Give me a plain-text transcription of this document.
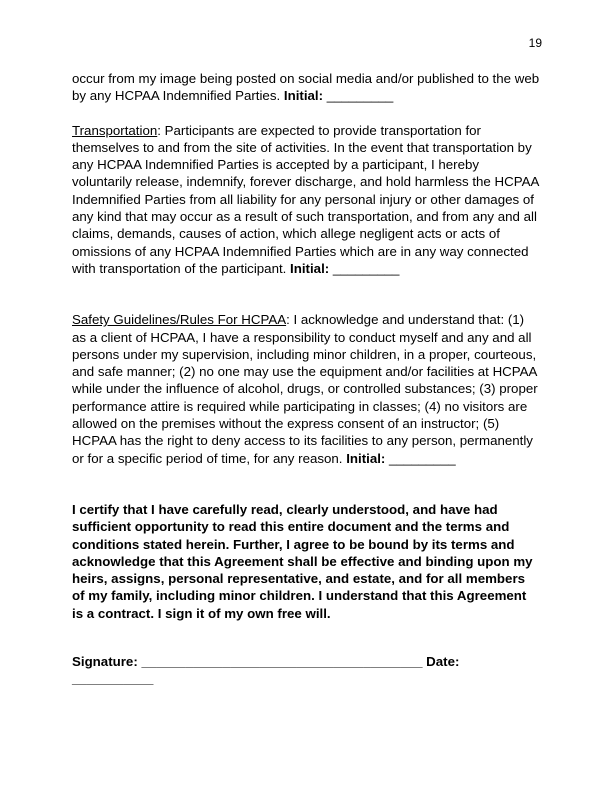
19

occur from my image being posted on social media and/or published to the web by any HCPAA Indemnified Parties. Initial: _________

Transportation: Participants are expected to provide transportation for themselves to and from the site of activities. In the event that transportation by any HCPAA Indemnified Parties is accepted by a participant, I hereby voluntarily release, indemnify, forever discharge, and hold harmless the HCPAA Indemnified Parties from all liability for any personal injury or other damages of any kind that may occur as a result of such transportation, and from any and all claims, demands, causes of action, which allege negligent acts or acts of omissions of any HCPAA Indemnified Parties which are in any way connected with transportation of the participant. Initial: _________

Safety Guidelines/Rules For HCPAA: I acknowledge and understand that: (1) as a client of HCPAA, I have a responsibility to conduct myself and any and all persons under my supervision, including minor children, in a proper, courteous, and safe manner; (2) no one may use the equipment and/or facilities at HCPAA while under the influence of alcohol, drugs, or controlled substances; (3) proper performance attire is required while participating in classes; (4) no visitors are allowed on the premises without the express consent of an instructor; (5) HCPAA has the right to deny access to its facilities to any person, permanently or for a specific period of time, for any reason. Initial: _________

I certify that I have carefully read, clearly understood, and have had sufficient opportunity to read this entire document and the terms and conditions stated herein. Further, I agree to be bound by its terms and acknowledge that this Agreement shall be effective and binding upon my heirs, assigns, personal representative, and estate, and for all members of my family, including minor children. I understand that this Agreement is a contract. I sign it of my own free will.

Signature: ______________________________________ Date: ___________
